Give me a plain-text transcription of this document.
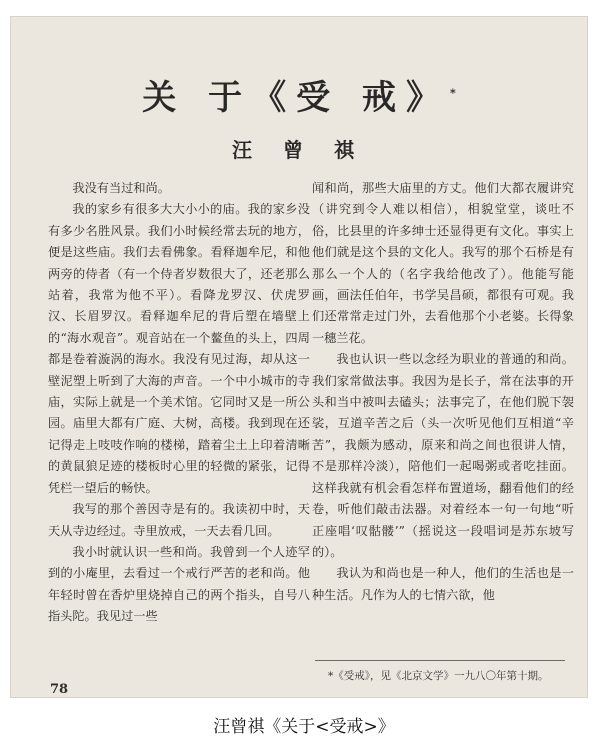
关 于《受 戒》*
汪 曾 祺

我没有当过和尚。

我的家乡有很多大大小小的庙。我的家乡没有多少名胜风景。我们小时候经常去玩的地方，便是这些庙。我们去看佛象。看释迦牟尼，和他两旁的侍者（有一个侍者岁数很大了，还老那么站着，我常为他不平）。看降龙罗汉、伏虎罗汉、长眉罗汉。看释迦牟尼的背后塑在墙壁上的“海水观音”。观音站在一个鳌鱼的头上，四周都是卷着漩涡的海水。我没有见过海，却从这一壁泥塑上听到了大海的声音。一个中小城市的寺庙，实际上就是一个美术馆。它同时又是一所公园。庙里大都有广庭、大树，高楼。我到现在还记得走上吱吱作响的楼梯，踏着尘土上印着清晰的黄鼠狼足迹的楼板时心里的轻微的紧张，记得凭栏一望后的畅快。

我写的那个善因寺是有的。我读初中时，天天从寺边经过。寺里放戒，一天去看几回。

我小时就认识一些和尚。我曾到一个人迹罕到的小庵里，去看过一个戒行严苦的老和尚。他年轻时曾在香炉里烧掉自己的两个指头，自号八指头陀。我见过一些

闻和尚，那些大庙里的方丈。他们大都衣履讲究（讲究到令人难以相信），相貌堂堂，谈吐不俗，比县里的许多绅士还显得更有文化。事实上他们就是这个县的文化人。我写的那个石桥是有那么一个人的（名字我给他改了）。他能写能画，画法任伯年，书学吴昌硕，都很有可观。我们还常常走过门外，去看他那个小老婆。长得象一穗兰花。

我也认识一些以念经为职业的普通的和尚。我们家常做法事。我因为是长子，常在法事的开头和当中被叫去磕头；法事完了，在他们脱下袈裟，互道辛苦之后（头一次听见他们互相道“辛苦”，我颇为感动，原来和尚之间也很讲人情，不是那样冷淡），陪他们一起喝粥或者吃挂面。这样我就有机会看怎样布置道场，翻看他们的经卷，听他们敲击法器。对着经本一句一句地“听正座唱‘叹骷髅’”（摇说这一段唱词是苏东坡写的）。

我认为和尚也是一种人，他们的生活也是一种生活。凡作为人的七情六欲，他

*《受戒》，见《北京文学》一九八〇年第十期。
78
汪曾祺《关于<受戒>》
